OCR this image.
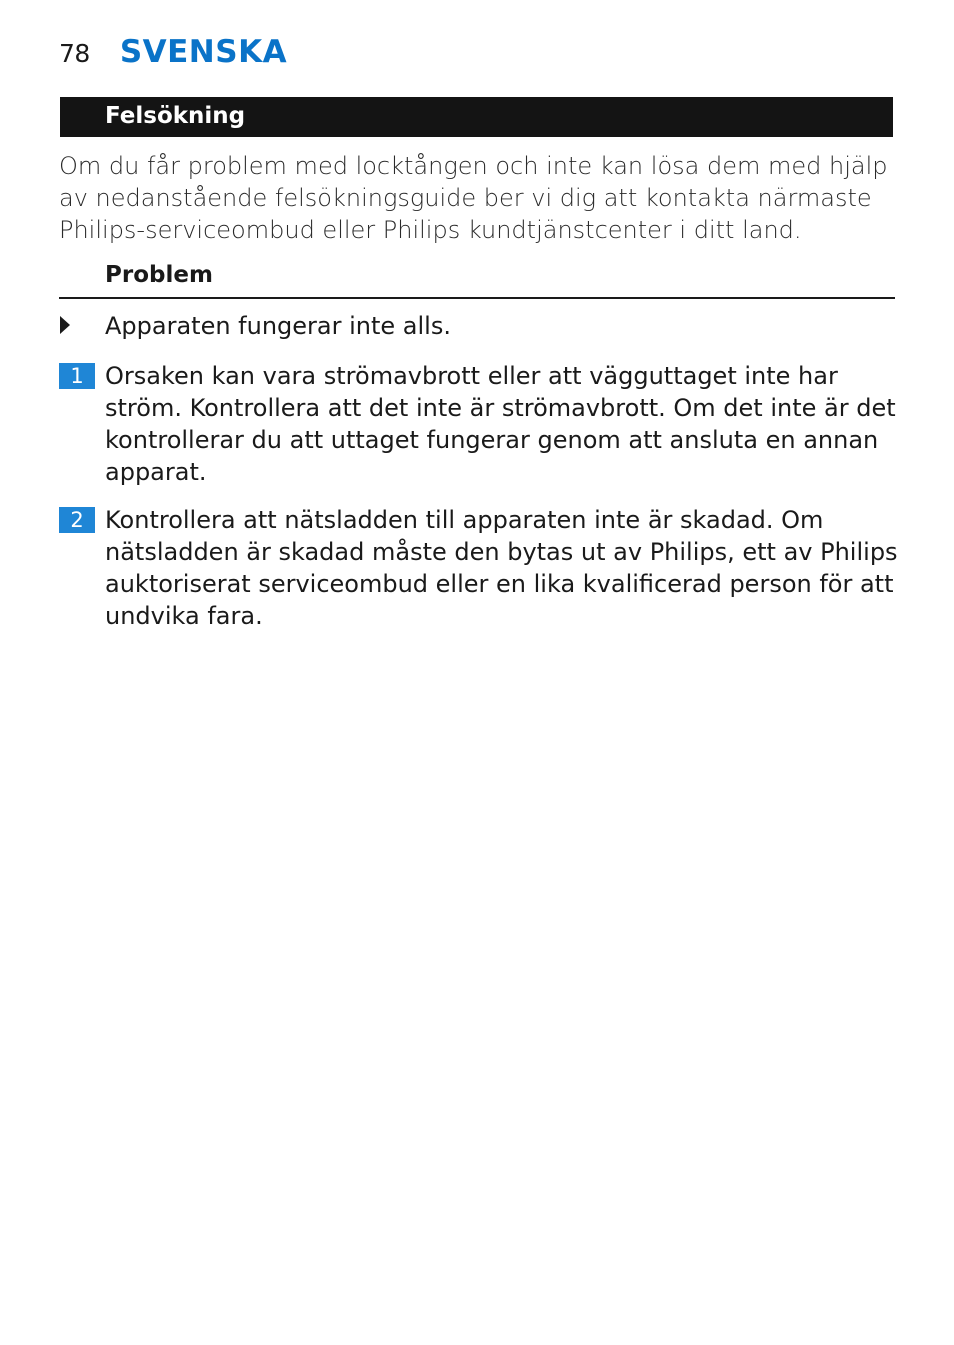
78 SVENSKA
Felsökning
Om du får problem med locktången och inte kan lösa dem med hjälp av nedanstående felsökningsguide ber vi dig att kontakta närmaste Philips-serviceombud eller Philips kundtjänstcenter i ditt land.
Problem
Apparaten fungerar inte alls.
1 Orsaken kan vara strömavbrott eller att vägguttaget inte har ström. Kontrollera att det inte är strömavbrott. Om det inte är det kontrollerar du att uttaget fungerar genom att ansluta en annan apparat.
2 Kontrollera att nätsladden till apparaten inte är skadad. Om nätsladden är skadad måste den bytas ut av Philips, ett av Philips auktoriserat serviceombud eller en lika kvalificerad person för att undvika fara.
